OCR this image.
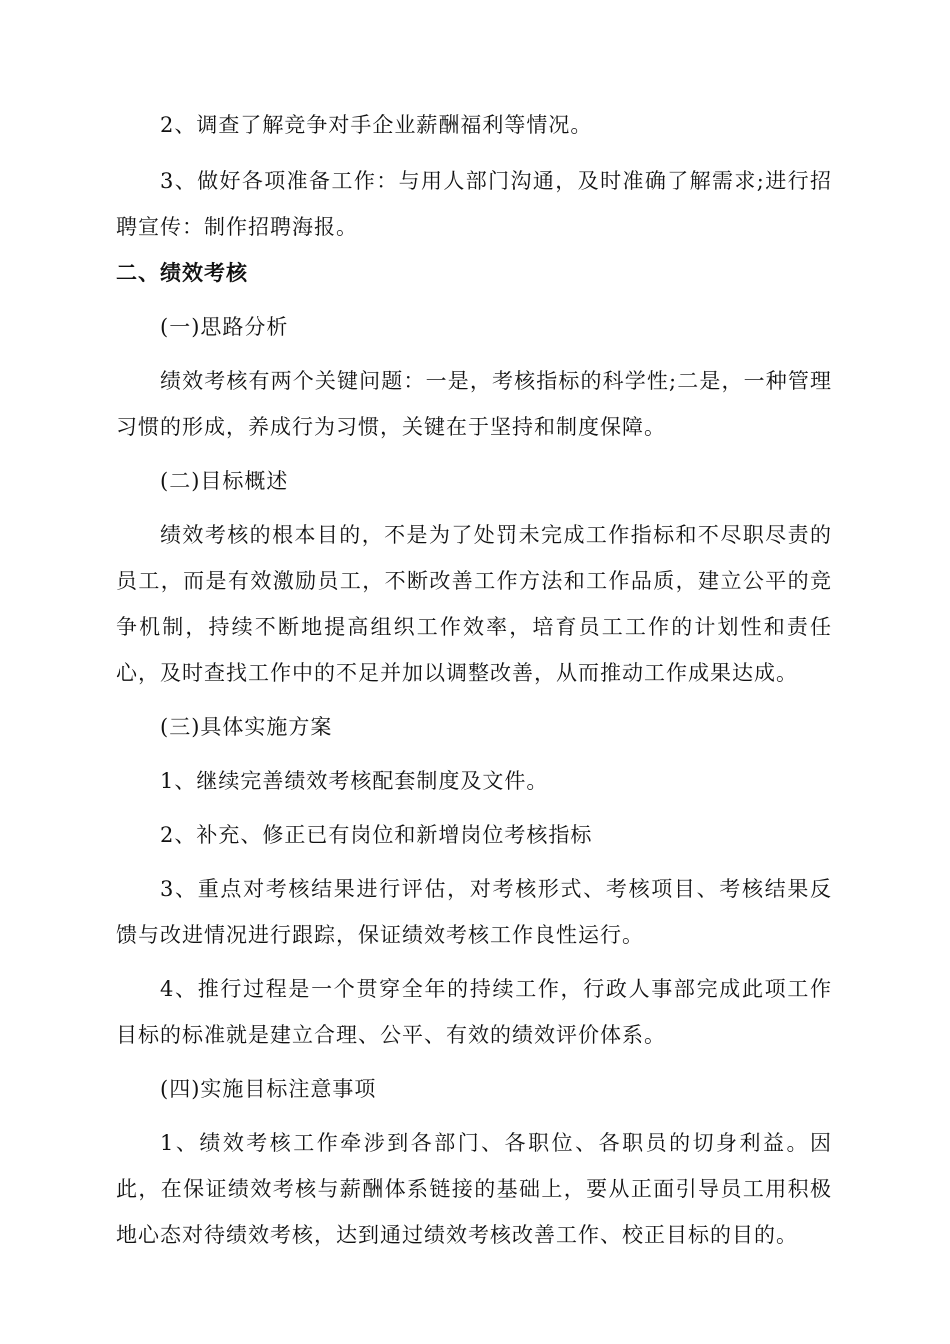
2、调查了解竞争对手企业薪酬福利等情况。

3、做好各项准备工作：与用人部门沟通，及时准确了解需求;进行招聘宣传：制作招聘海报。

二、绩效考核

(一)思路分析

绩效考核有两个关键问题：一是，考核指标的科学性;二是，一种管理习惯的形成，养成行为习惯，关键在于坚持和制度保障。

(二)目标概述

绩效考核的根本目的，不是为了处罚未完成工作指标和不尽职尽责的员工，而是有效激励员工，不断改善工作方法和工作品质，建立公平的竞争机制，持续不断地提高组织工作效率，培育员工工作的计划性和责任心，及时查找工作中的不足并加以调整改善，从而推动工作成果达成。

(三)具体实施方案

1、继续完善绩效考核配套制度及文件。

2、补充、修正已有岗位和新增岗位考核指标

3、重点对考核结果进行评估，对考核形式、考核项目、考核结果反馈与改进情况进行跟踪，保证绩效考核工作良性运行。

4、推行过程是一个贯穿全年的持续工作，行政人事部完成此项工作目标的标准就是建立合理、公平、有效的绩效评价体系。

(四)实施目标注意事项

1、绩效考核工作牵涉到各部门、各职位、各职员的切身利益。因此，在保证绩效考核与薪酬体系链接的基础上，要从正面引导员工用积极地心态对待绩效考核，达到通过绩效考核改善工作、校正目标的目的。
